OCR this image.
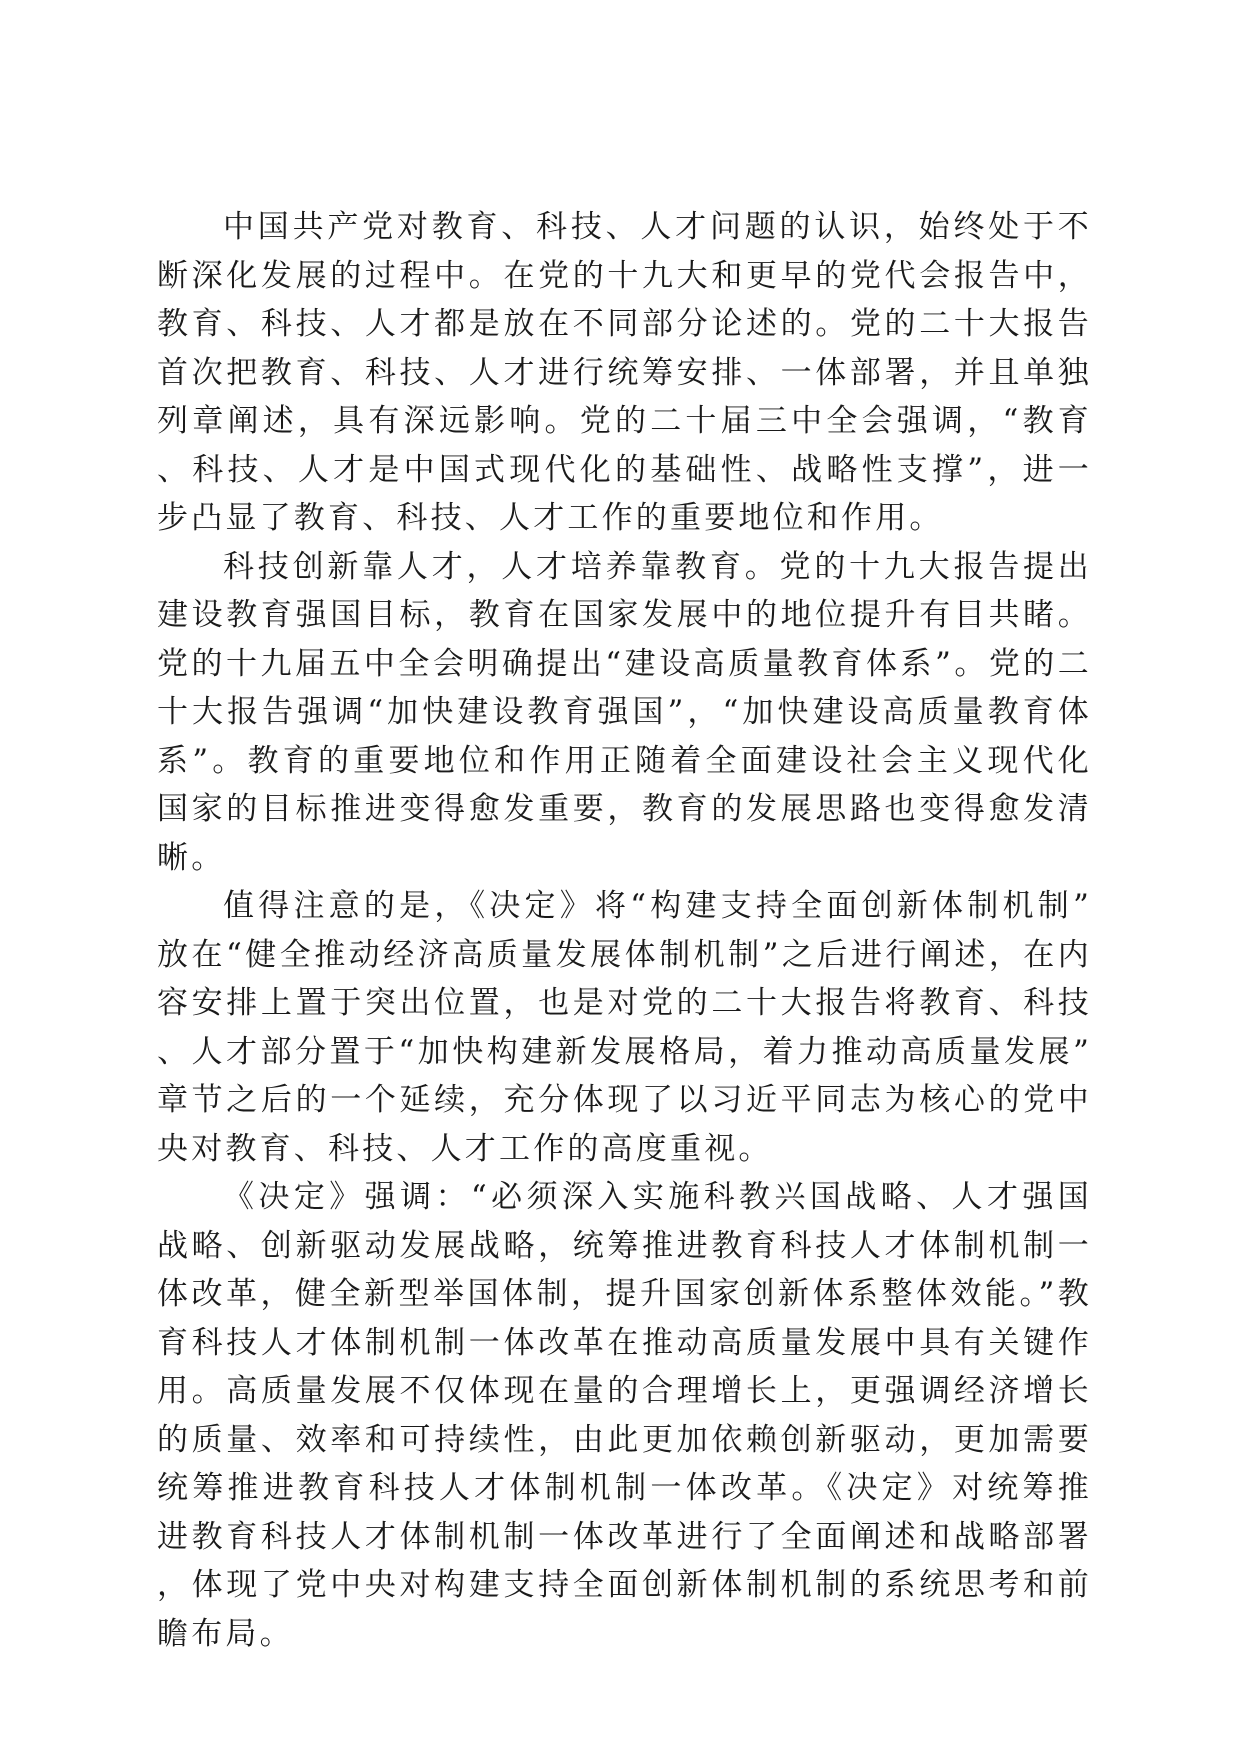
中国共产党对教育、科技、人才问题的认识，始终处于不断深化发展的过程中。在党的十九大和更早的党代会报告中，教育、科技、人才都是放在不同部分论述的。党的二十大报告首次把教育、科技、人才进行统筹安排、一体部署，并且单独列章阐述，具有深远影响。党的二十届三中全会强调，“教育、科技、人才是中国式现代化的基础性、战略性支撑”，进一步凸显了教育、科技、人才工作的重要地位和作用。

科技创新靠人才，人才培养靠教育。党的十九大报告提出建设教育强国目标，教育在国家发展中的地位提升有目共睹。党的十九届五中全会明确提出“建设高质量教育体系”。党的二十大报告强调“加快建设教育强国”，“加快建设高质量教育体系”。教育的重要地位和作用正随着全面建设社会主义现代化国家的目标推进变得愈发重要，教育的发展思路也变得愈发清晰。

值得注意的是，《决定》将“构建支持全面创新体制机制”放在“健全推动经济高质量发展体制机制”之后进行阐述，在内容安排上置于突出位置，也是对党的二十大报告将教育、科技、人才部分置于“加快构建新发展格局，着力推动高质量发展”章节之后的一个延续，充分体现了以习近平同志为核心的党中央对教育、科技、人才工作的高度重视。

《决定》强调：“必须深入实施科教兴国战略、人才强国战略、创新驱动发展战略，统筹推进教育科技人才体制机制一体改革，健全新型举国体制，提升国家创新体系整体效能。”教育科技人才体制机制一体改革在推动高质量发展中具有关键作用。高质量发展不仅体现在量的合理增长上，更强调经济增长的质量、效率和可持续性，由此更加依赖创新驱动，更加需要统筹推进教育科技人才体制机制一体改革。《决定》对统筹推进教育科技人才体制机制一体改革进行了全面阐述和战略部署，体现了党中央对构建支持全面创新体制机制的系统思考和前瞻布局。
